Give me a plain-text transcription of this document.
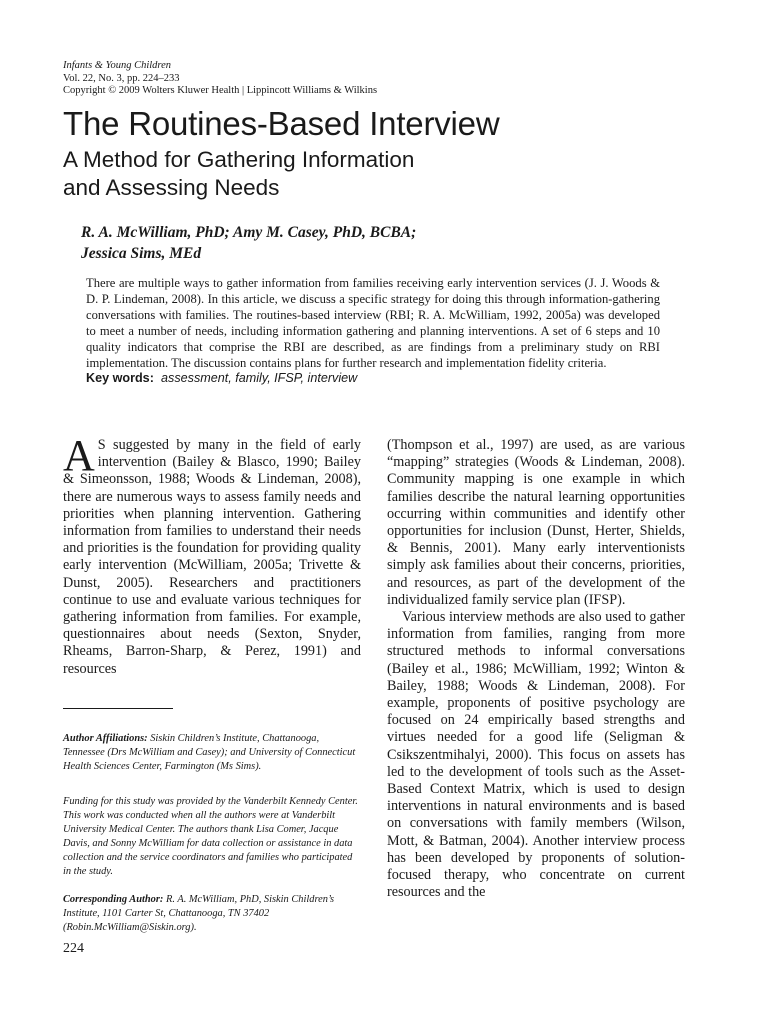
Infants & Young Children
Vol. 22, No. 3, pp. 224–233
Copyright © 2009 Wolters Kluwer Health | Lippincott Williams & Wilkins
The Routines-Based Interview
A Method for Gathering Information
and Assessing Needs
R. A. McWilliam, PhD; Amy M. Casey, PhD, BCBA;
Jessica Sims, MEd
There are multiple ways to gather information from families receiving early intervention services (J. J. Woods & D. P. Lindeman, 2008). In this article, we discuss a specific strategy for doing this through information-gathering conversations with families. The routines-based interview (RBI; R. A. McWilliam, 1992, 2005a) was developed to meet a number of needs, including information gathering and planning interventions. A set of 6 steps and 10 quality indicators that comprise the RBI are described, as are findings from a preliminary study on RBI implementation. The discussion contains plans for further research and implementation fidelity criteria.
Key words: assessment, family, IFSP, interview

A S suggested by many in the field of early intervention (Bailey & Blasco, 1990; Bailey & Simeonsson, 1988; Woods & Lindeman, 2008), there are numerous ways to assess family needs and priorities when planning intervention. Gathering information from families to understand their needs and priorities is the foundation for providing quality early intervention (McWilliam, 2005a; Trivette & Dunst, 2005). Researchers and practitioners continue to use and evaluate various techniques for gathering information from families. For example, questionnaires about needs (Sexton, Snyder, Rheams, Barron-Sharp, & Perez, 1991) and resources

(Thompson et al., 1997) are used, as are various “mapping” strategies (Woods & Lindeman, 2008). Community mapping is one example in which families describe the natural learning opportunities occurring within communities and identify other opportunities for inclusion (Dunst, Herter, Shields, & Bennis, 2001). Many early interventionists simply ask families about their concerns, priorities, and resources, as part of the development of the individualized family service plan (IFSP).

Various interview methods are also used to gather information from families, ranging from more structured methods to informal conversations (Bailey et al., 1986; McWilliam, 1992; Winton & Bailey, 1988; Woods & Lindeman, 2008). For example, proponents of positive psychology are focused on 24 empirically based strengths and virtues needed for a good life (Seligman & Csikszentmihalyi, 2000). This focus on assets has led to the development of tools such as the Asset-Based Context Matrix, which is used to design interventions in natural environments and is based on conversations with family members (Wilson, Mott, & Batman, 2004). Another interview process has been developed by proponents of solution-focused therapy, who concentrate on current resources and the

Author Affiliations: Siskin Children’s Institute, Chattanooga, Tennessee (Drs McWilliam and Casey); and University of Connecticut Health Sciences Center, Farmington (Ms Sims).
Funding for this study was provided by the Vanderbilt Kennedy Center. This work was conducted when all the authors were at Vanderbilt University Medical Center. The authors thank Lisa Comer, Jacque Davis, and Sonny McWilliam for data collection or assistance in data collection and the service coordinators and families who participated in the study.
Corresponding Author: R. A. McWilliam, PhD, Siskin Children’s Institute, 1101 Carter St, Chattanooga, TN 37402 (Robin.McWilliam@Siskin.org).
224
